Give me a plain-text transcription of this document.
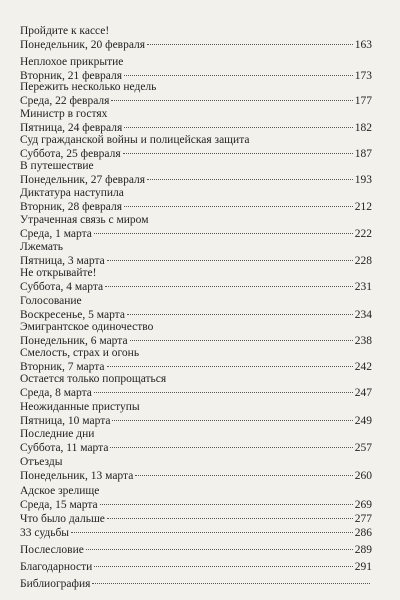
Пройдите к кассе!
Понедельник, 20 февраля	163
Неплохое прикрытие
Вторник, 21 февраля	173
Пережить несколько недель
Среда, 22 февраля	177
Министр в гостях
Пятница, 24 февраля	182
Суд гражданской войны и полицейская защита
Суббота, 25 февраля	187
В путешествие
Понедельник, 27 февраля	193
Диктатура наступила
Вторник, 28 февраля	212
Утраченная связь с миром
Среда, 1 марта	222
Лжемать
Пятница, 3 марта	228
Не открывайте!
Суббота, 4 марта	231
Голосование
Воскресенье, 5 марта	234
Эмигрантское одиночество
Понедельник, 6 марта	238
Смелость, страх и огонь
Вторник, 7 марта	242
Остается только попрощаться
Среда, 8 марта	247
Неожиданные приступы
Пятница, 10 марта	249
Последние дни
Суббота, 11 марта	257
Отъезды
Понедельник, 13 марта	260
Адское зрелище
Среда, 15 марта	269
Что было дальше	277
33 судьбы	286
Послесловие	289
Благодарности	291
Библиография
